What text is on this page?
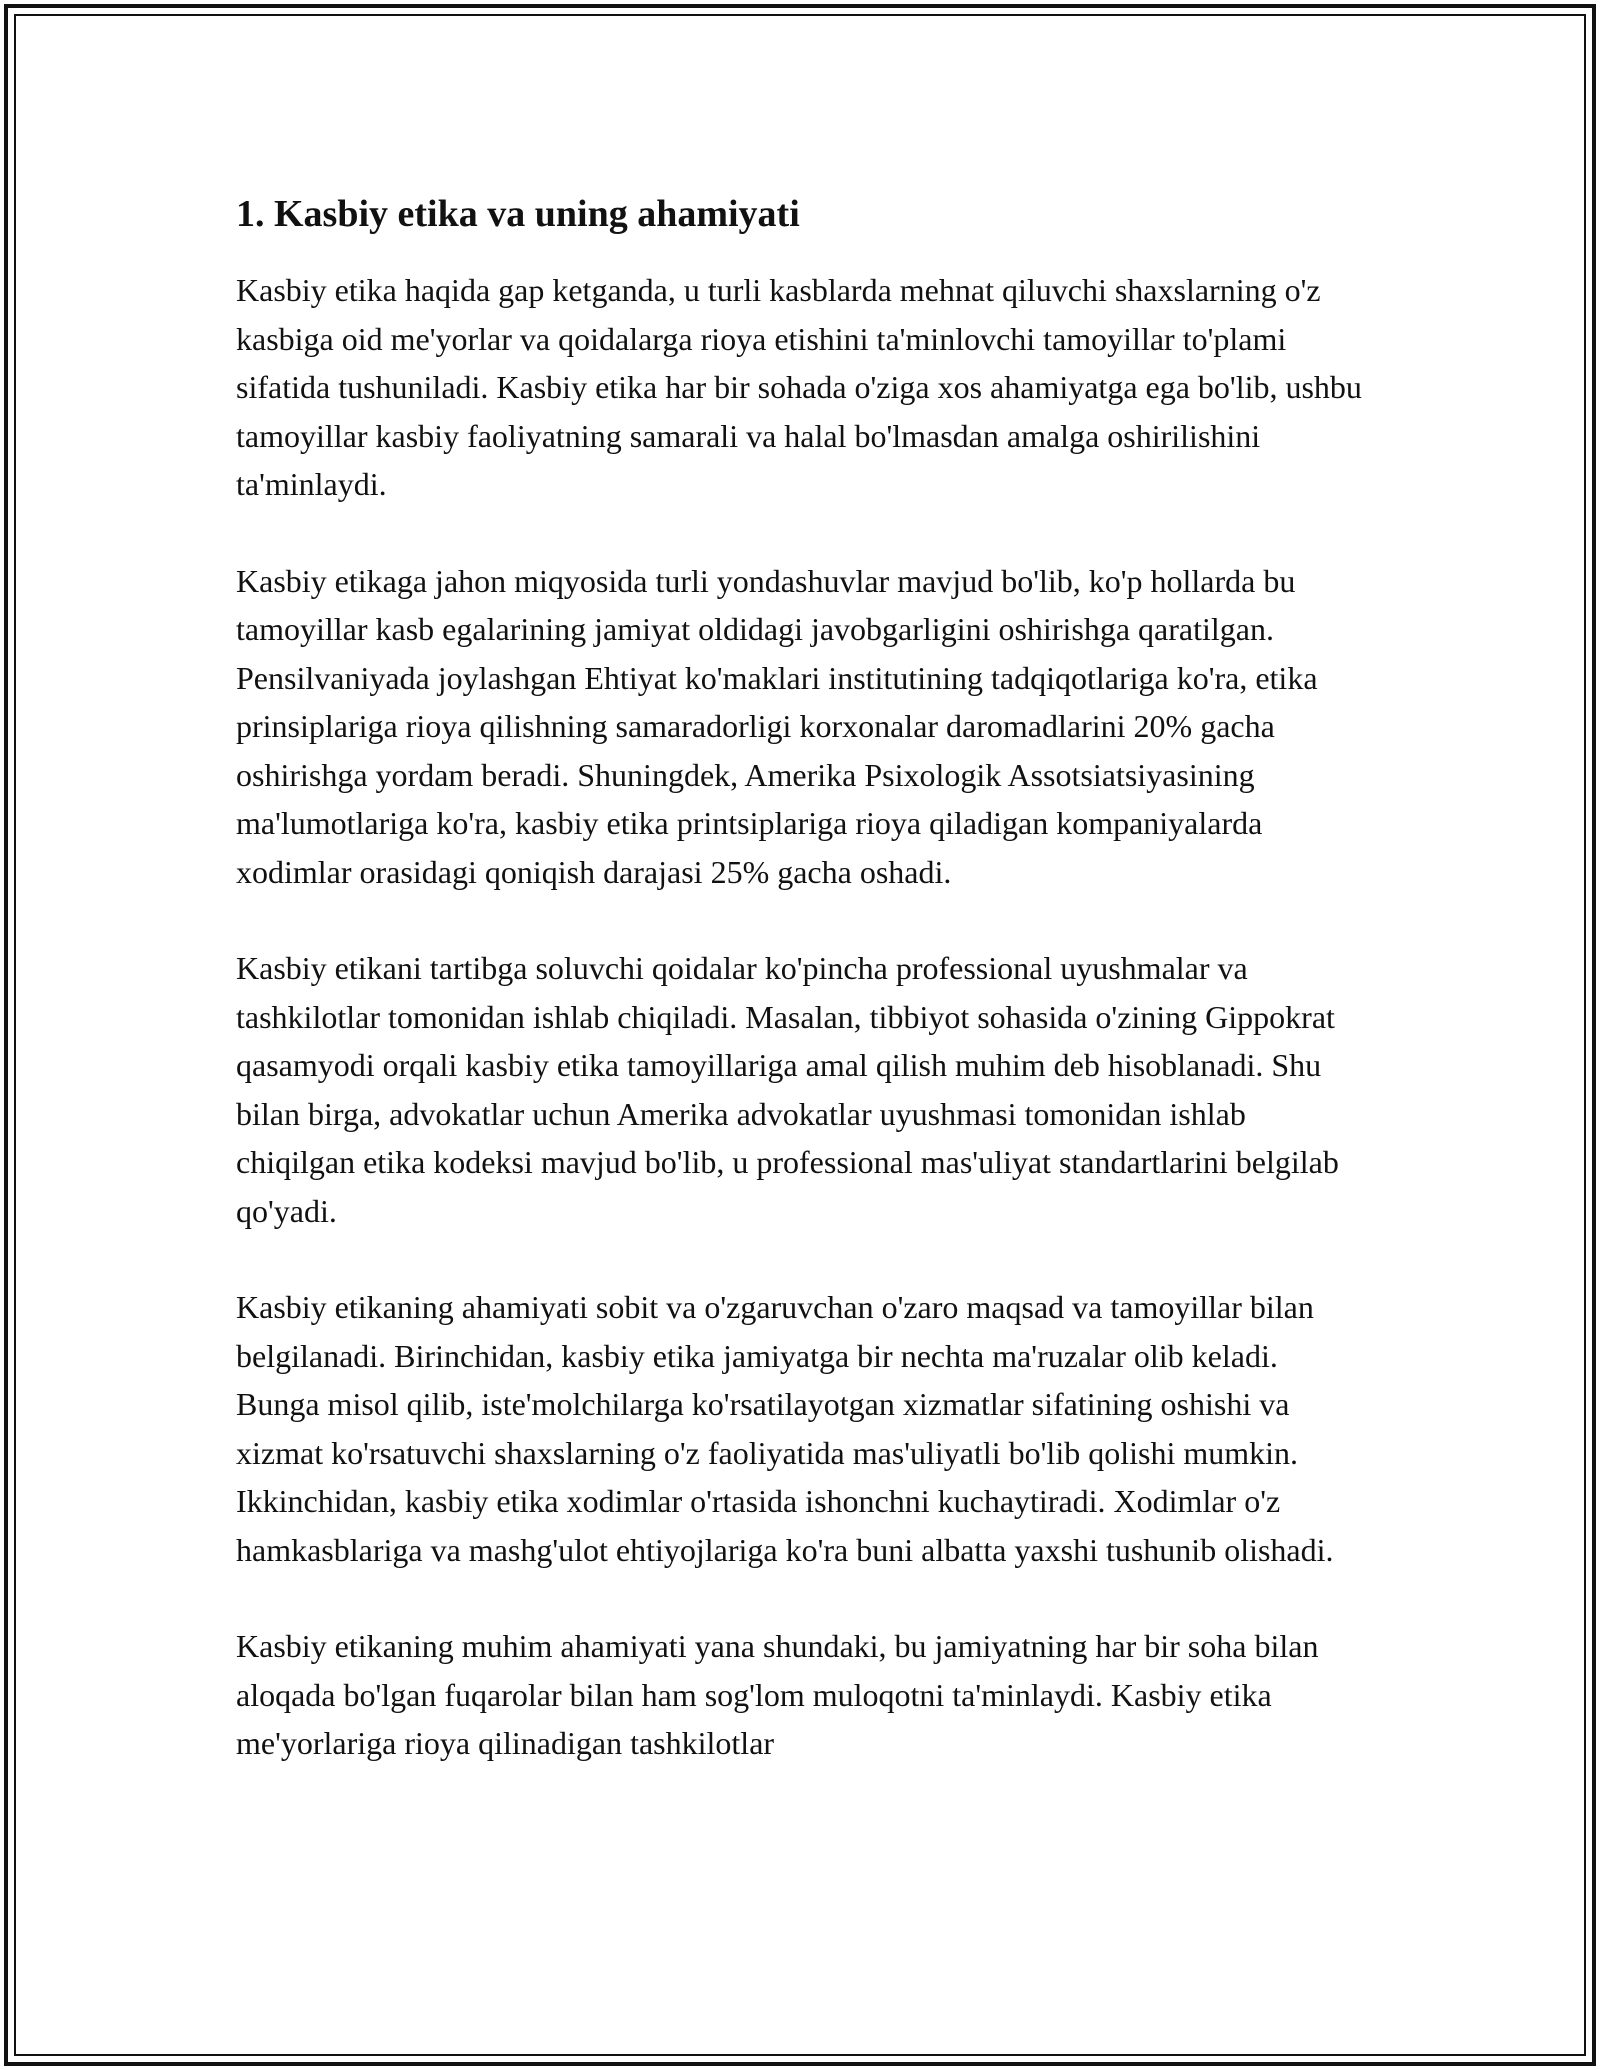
1. Kasbiy etika va uning ahamiyati

Kasbiy etika haqida gap ketganda, u turli kasblarda mehnat qiluvchi shaxslarning o'z kasbiga oid me'yorlar va qoidalarga rioya etishini ta'minlovchi tamoyillar to'plami sifatida tushuniladi. Kasbiy etika har bir sohada o'ziga xos ahamiyatga ega bo'lib, ushbu tamoyillar kasbiy faoliyatning samarali va halal bo'lmasdan amalga oshirilishini ta'minlaydi.

Kasbiy etikaga jahon miqyosida turli yondashuvlar mavjud bo'lib, ko'p hollarda bu tamoyillar kasb egalarining jamiyat oldidagi javobgarligini oshirishga qaratilgan. Pensilvaniyada joylashgan Ehtiyat ko'maklari institutining tadqiqotlariga ko'ra, etika prinsiplariga rioya qilishning samaradorligi korxonalar daromadlarini 20% gacha oshirishga yordam beradi. Shuningdek, Amerika Psixologik Assotsiatsiyasining ma'lumotlariga ko'ra, kasbiy etika printsiplariga rioya qiladigan kompaniyalarda xodimlar orasidagi qoniqish darajasi 25% gacha oshadi.

Kasbiy etikani tartibga soluvchi qoidalar ko'pincha professional uyushmalar va tashkilotlar tomonidan ishlab chiqiladi. Masalan, tibbiyot sohasida o'zining Gippokrat qasamyodi orqali kasbiy etika tamoyillariga amal qilish muhim deb hisoblanadi. Shu bilan birga, advokatlar uchun Amerika advokatlar uyushmasi tomonidan ishlab chiqilgan etika kodeksi mavjud bo'lib, u professional mas'uliyat standartlarini belgilab qo'yadi.

Kasbiy etikaning ahamiyati sobit va o'zgaruvchan o'zaro maqsad va tamoyillar bilan belgilanadi. Birinchidan, kasbiy etika jamiyatga bir nechta ma'ruzalar olib keladi. Bunga misol qilib, iste'molchilarga ko'rsatilayotgan xizmatlar sifatining oshishi va xizmat ko'rsatuvchi shaxslarning o'z faoliyatida mas'uliyatli bo'lib qolishi mumkin. Ikkinchidan, kasbiy etika xodimlar o'rtasida ishonchni kuchaytiradi. Xodimlar o'z hamkasblariga va mashg'ulot ehtiyojlariga ko'ra buni albatta yaxshi tushunib olishadi.

Kasbiy etikaning muhim ahamiyati yana shundaki, bu jamiyatning har bir soha bilan aloqada bo'lgan fuqarolar bilan ham sog'lom muloqotni ta'minlaydi. Kasbiy etika me'yorlariga rioya qilinadigan tashkilotlar
